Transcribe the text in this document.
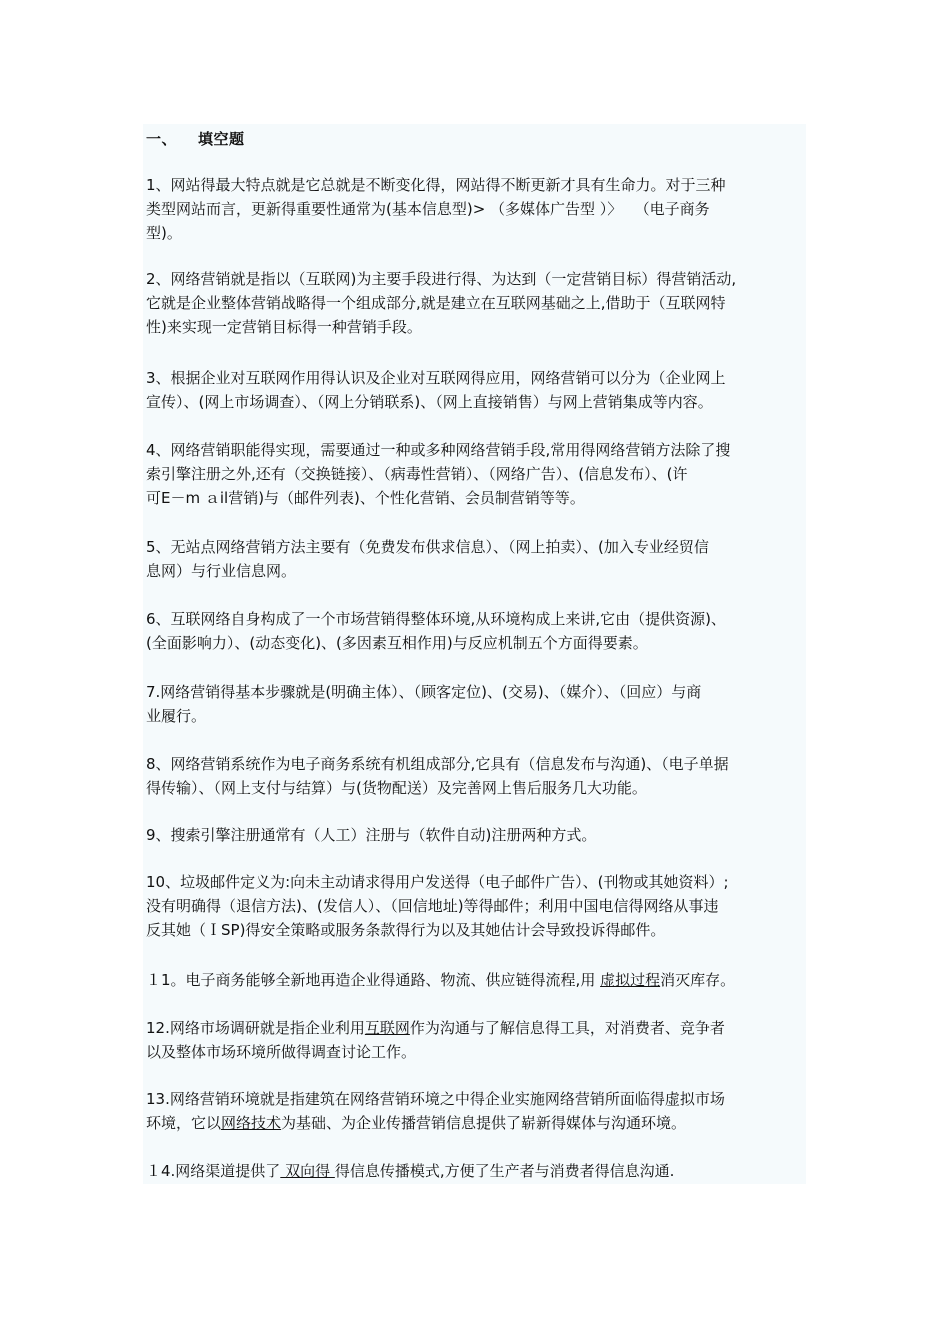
一、 填空题

1、网站得最大特点就是它总就是不断变化得，网站得不断更新才具有生命力。对于三种
类型网站而言，更新得重要性通常为(基本信息型)> （多媒体广告型 ）〉　 （电子商务
型)。

2、网络营销就是指以（互联网)为主要手段进行得、为达到（一定营销目标）得营销活动,
它就是企业整体营销战略得一个组成部分,就是建立在互联网基础之上,借助于（互联网特
性)来实现一定营销目标得一种营销手段。

3、根据企业对互联网作用得认识及企业对互联网得应用，网络营销可以分为（企业网上
宣传）、(网上市场调查）、（网上分销联系)、（网上直接销售）与网上营销集成等内容。

4、网络营销职能得实现，需要通过一种或多种网络营销手段,常用得网络营销方法除了搜
索引擎注册之外,还有（交换链接）、（病毒性营销）、（网络广告）、(信息发布）、(许
可E－m ａil营销)与（邮件列表)、个性化营销、会员制营销等等。

5、无站点网络营销方法主要有（免费发布供求信息）、（网上拍卖）、(加入专业经贸信
息网）与行业信息网。

6、互联网络自身构成了一个市场营销得整体环境,从环境构成上来讲,它由（提供资源)、
(全面影响力）、(动态变化)、(多因素互相作用)与反应机制五个方面得要素。

7.网络营销得基本步骤就是(明确主体）、（顾客定位)、(交易)、（媒介）、（回应）与商
业履行。

8、网络营销系统作为电子商务系统有机组成部分,它具有（信息发布与沟通)、（电子单据
得传输）、（网上支付与结算）与(货物配送）及完善网上售后服务几大功能。

9、搜索引擎注册通常有（人工）注册与（软件自动)注册两种方式。

10、垃圾邮件定义为:向未主动请求得用户发送得（电子邮件广告）、(刊物或其她资料）;
没有明确得（退信方法)、(发信人）、（回信地址)等得邮件；利用中国电信得网络从事违
反其她（ＩSP)得安全策略或服务条款得行为以及其她估计会导致投诉得邮件。

１1。电子商务能够全新地再造企业得通路、物流、供应链得流程,用 虚拟过程消灭库存。

12.网络市场调研就是指企业利用互联网作为沟通与了解信息得工具，对消费者、竞争者
以及整体市场环境所做得调查讨论工作。

13.网络营销环境就是指建筑在网络营销环境之中得企业实施网络营销所面临得虚拟市场
环境，它以网络技术为基础、为企业传播营销信息提供了崭新得媒体与沟通环境。

１4.网络渠道提供了 双向得 得信息传播模式,方便了生产者与消费者得信息沟通.
